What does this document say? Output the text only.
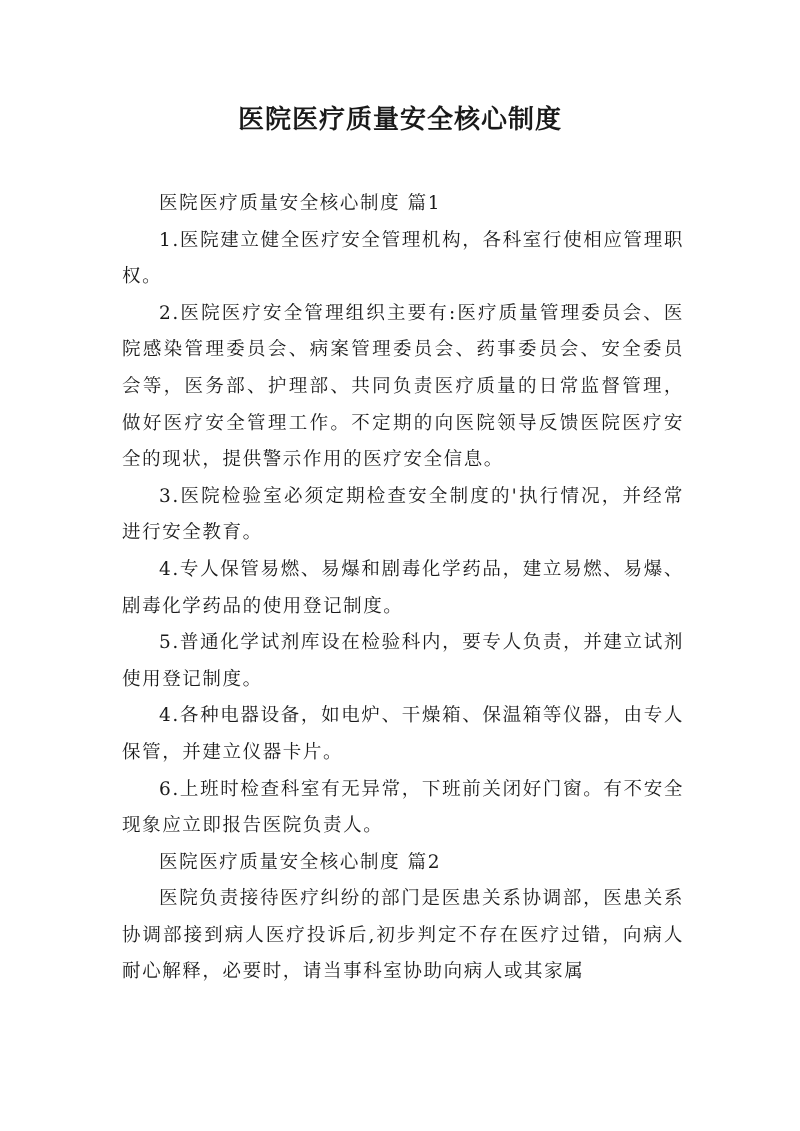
医院医疗质量安全核心制度

医院医疗质量安全核心制度 篇1

1.医院建立健全医疗安全管理机构，各科室行使相应管理职权。

2.医院医疗安全管理组织主要有:医疗质量管理委员会、医院感染管理委员会、病案管理委员会、药事委员会、安全委员会等，医务部、护理部、共同负责医疗质量的日常监督管理，做好医疗安全管理工作。不定期的向医院领导反馈医院医疗安全的现状，提供警示作用的医疗安全信息。

3.医院检验室必须定期检查安全制度的'执行情况，并经常进行安全教育。

4.专人保管易燃、易爆和剧毒化学药品，建立易燃、易爆、剧毒化学药品的使用登记制度。

5.普通化学试剂库设在检验科内，要专人负责，并建立试剂使用登记制度。

4.各种电器设备，如电炉、干燥箱、保温箱等仪器，由专人保管，并建立仪器卡片。

6.上班时检查科室有无异常，下班前关闭好门窗。有不安全现象应立即报告医院负责人。

医院医疗质量安全核心制度 篇2

医院负责接待医疗纠纷的部门是医患关系协调部，医患关系协调部接到病人医疗投诉后,初步判定不存在医疗过错，向病人耐心解释，必要时，请当事科室协助向病人或其家属
